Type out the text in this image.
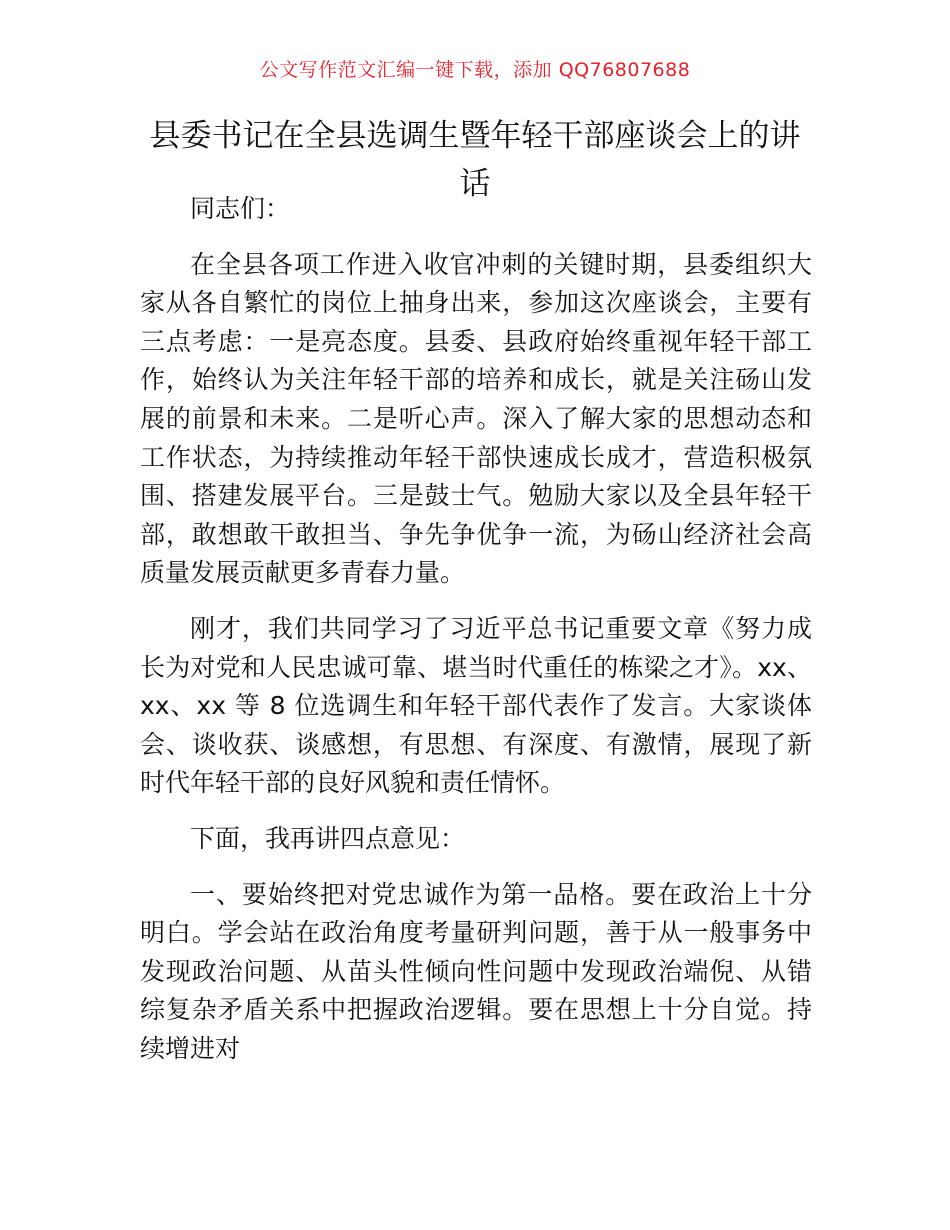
公文写作范文汇编一键下载，添加 QQ76807688
县委书记在全县选调生暨年轻干部座谈会上的讲话

同志们：

在全县各项工作进入收官冲刺的关键时期，县委组织大家从各自繁忙的岗位上抽身出来，参加这次座谈会，主要有三点考虑：一是亮态度。县委、县政府始终重视年轻干部工作，始终认为关注年轻干部的培养和成长，就是关注砀山发展的前景和未来。二是听心声。深入了解大家的思想动态和工作状态，为持续推动年轻干部快速成长成才，营造积极氛围、搭建发展平台。三是鼓士气。勉励大家以及全县年轻干部，敢想敢干敢担当、争先争优争一流，为砀山经济社会高质量发展贡献更多青春力量。

刚才，我们共同学习了习近平总书记重要文章《努力成长为对党和人民忠诚可靠、堪当时代重任的栋梁之才》。xx、xx、xx 等 8 位选调生和年轻干部代表作了发言。大家谈体会、谈收获、谈感想，有思想、有深度、有激情，展现了新时代年轻干部的良好风貌和责任情怀。

下面，我再讲四点意见：

一、要始终把对党忠诚作为第一品格。要在政治上十分明白。学会站在政治角度考量研判问题，善于从一般事务中发现政治问题、从苗头性倾向性问题中发现政治端倪、从错综复杂矛盾关系中把握政治逻辑。要在思想上十分自觉。持续增进对
